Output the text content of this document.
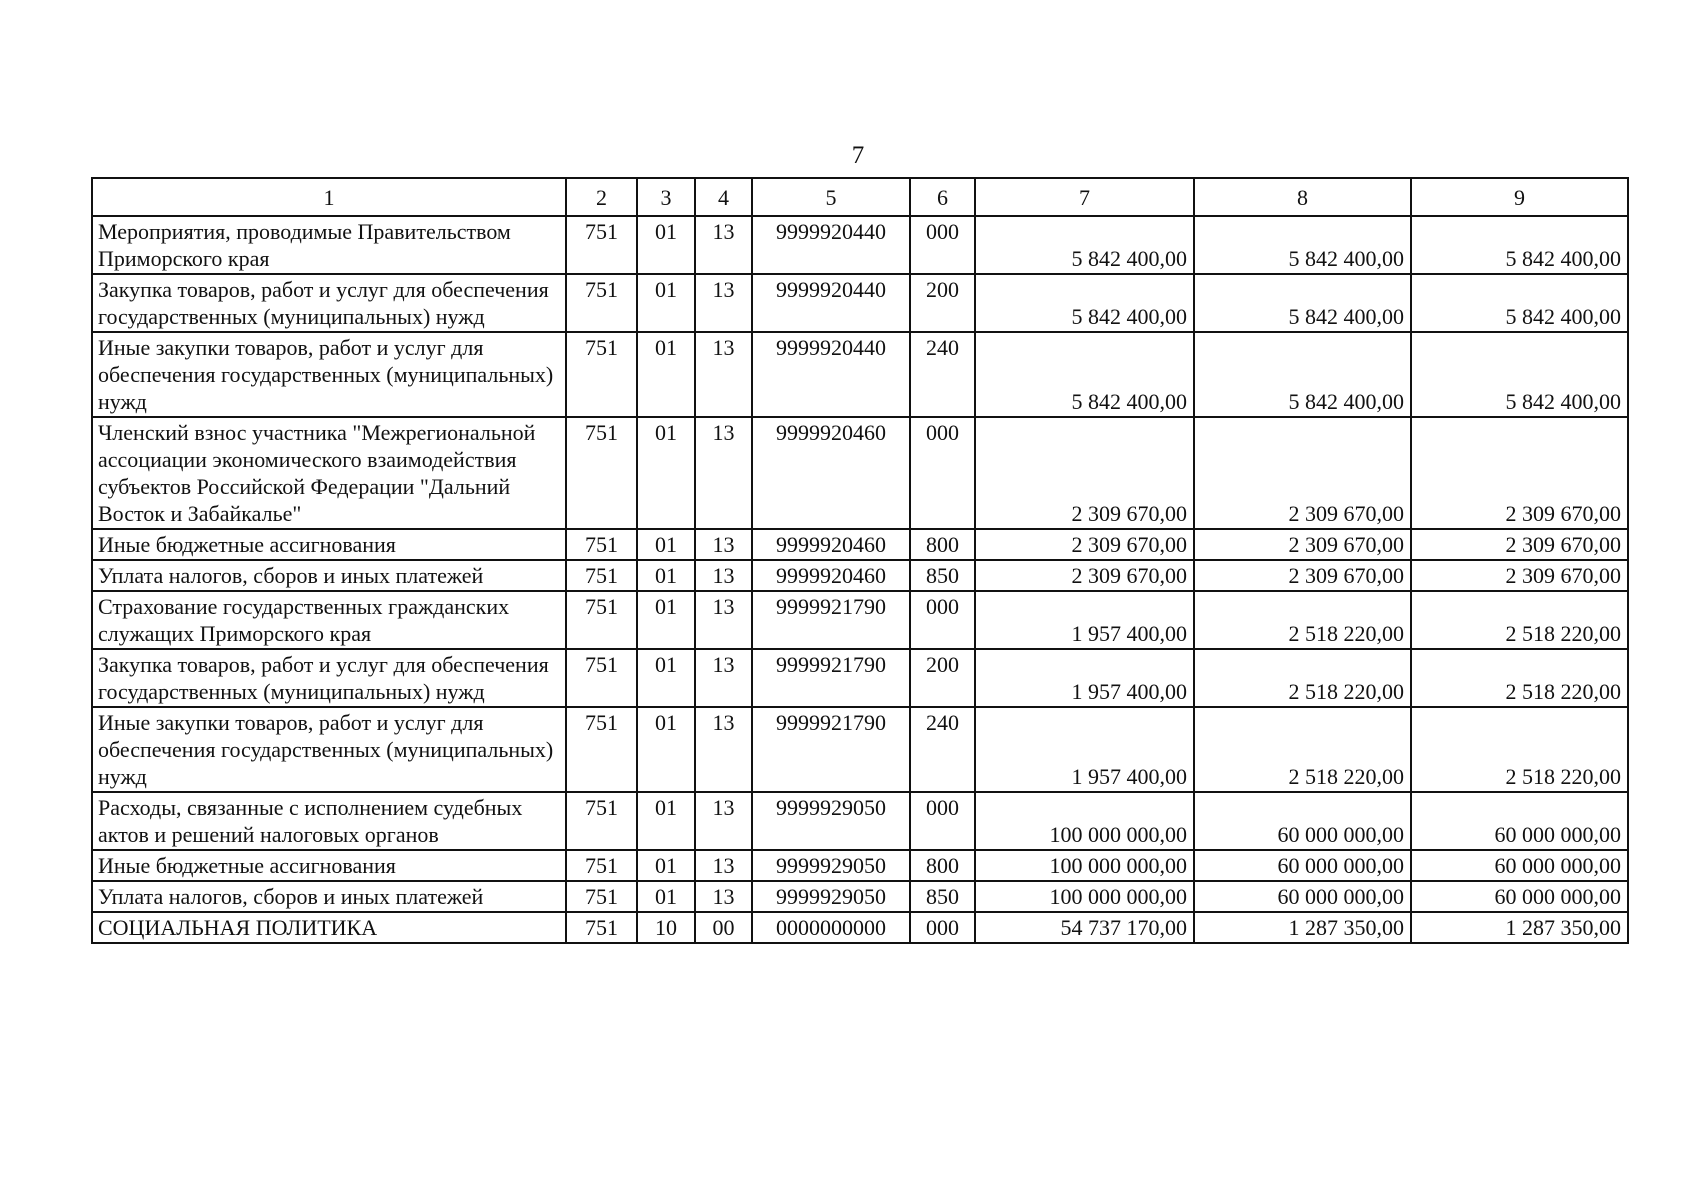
7
1	2	3	4	5	6	7	8	9
Мероприятия, проводимые Правительством Приморского края	751	01	13	9999920440	000	5 842 400,00	5 842 400,00	5 842 400,00
Закупка товаров, работ и услуг для обеспечения государственных (муниципальных) нужд	751	01	13	9999920440	200	5 842 400,00	5 842 400,00	5 842 400,00
Иные закупки товаров, работ и услуг для обеспечения государственных (муниципальных) нужд	751	01	13	9999920440	240	5 842 400,00	5 842 400,00	5 842 400,00
Членский взнос участника "Межрегиональной ассоциации экономического взаимодействия субъектов Российской Федерации "Дальний Восток и Забайкалье"	751	01	13	9999920460	000	2 309 670,00	2 309 670,00	2 309 670,00
Иные бюджетные ассигнования	751	01	13	9999920460	800	2 309 670,00	2 309 670,00	2 309 670,00
Уплата налогов, сборов и иных платежей	751	01	13	9999920460	850	2 309 670,00	2 309 670,00	2 309 670,00
Страхование государственных гражданских служащих Приморского края	751	01	13	9999921790	000	1 957 400,00	2 518 220,00	2 518 220,00
Закупка товаров, работ и услуг для обеспечения государственных (муниципальных) нужд	751	01	13	9999921790	200	1 957 400,00	2 518 220,00	2 518 220,00
Иные закупки товаров, работ и услуг для обеспечения государственных (муниципальных) нужд	751	01	13	9999921790	240	1 957 400,00	2 518 220,00	2 518 220,00
Расходы, связанные с исполнением судебных актов и решений налоговых органов	751	01	13	9999929050	000	100 000 000,00	60 000 000,00	60 000 000,00
Иные бюджетные ассигнования	751	01	13	9999929050	800	100 000 000,00	60 000 000,00	60 000 000,00
Уплата налогов, сборов и иных платежей	751	01	13	9999929050	850	100 000 000,00	60 000 000,00	60 000 000,00
СОЦИАЛЬНАЯ ПОЛИТИКА	751	10	00	0000000000	000	54 737 170,00	1 287 350,00	1 287 350,00
